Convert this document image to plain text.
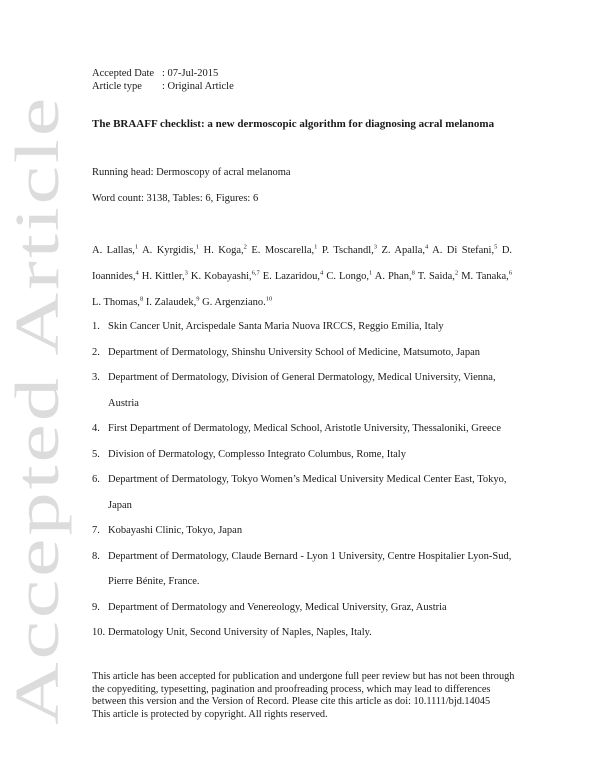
Accepted Article
Accepted Date : 07-Jul-2015
Article type : Original Article
The BRAAFF checklist: a new dermoscopic algorithm for diagnosing acral melanoma
Running head: Dermoscopy of acral melanoma
Word count: 3138, Tables: 6, Figures: 6
A. Lallas,$^1$ A. Kyrgidis,$^1$ H. Koga,$^2$ E. Moscarella,$^1$ P. Tschandl,$^3$ Z. Apalla,$^4$ A. Di Stefani,$^5$ D. Ioannides,$^4$ H. Kittler,$^3$ K. Kobayashi,$^{6,7}$ E. Lazaridou,$^4$ C. Longo,$^1$ A. Phan,$^8$ T. Saida,$^2$ M. Tanaka,$^6$ L. Thomas,$^8$ I. Zalaudek,$^9$ G. Argenziano.$^{10}$
1. Skin Cancer Unit, Arcispedale Santa Maria Nuova IRCCS, Reggio Emilia, Italy
2. Department of Dermatology, Shinshu University School of Medicine, Matsumoto, Japan
3. Department of Dermatology, Division of General Dermatology, Medical University, Vienna, Austria
4. First Department of Dermatology, Medical School, Aristotle University, Thessaloniki, Greece
5. Division of Dermatology, Complesso Integrato Columbus, Rome, Italy
6. Department of Dermatology, Tokyo Women’s Medical University Medical Center East, Tokyo, Japan
7. Kobayashi Clinic, Tokyo, Japan
8. Department of Dermatology, Claude Bernard - Lyon 1 University, Centre Hospitalier Lyon-Sud, Pierre Bénite, France.
9. Department of Dermatology and Venereology, Medical University, Graz, Austria
10. Dermatology Unit, Second University of Naples, Naples, Italy.

This article has been accepted for publication and undergone full peer review but has not been through the copyediting, typesetting, pagination and proofreading process, which may lead to differences between this version and the Version of Record. Please cite this article as doi: 10.1111/bjd.14045

This article is protected by copyright. All rights reserved.
